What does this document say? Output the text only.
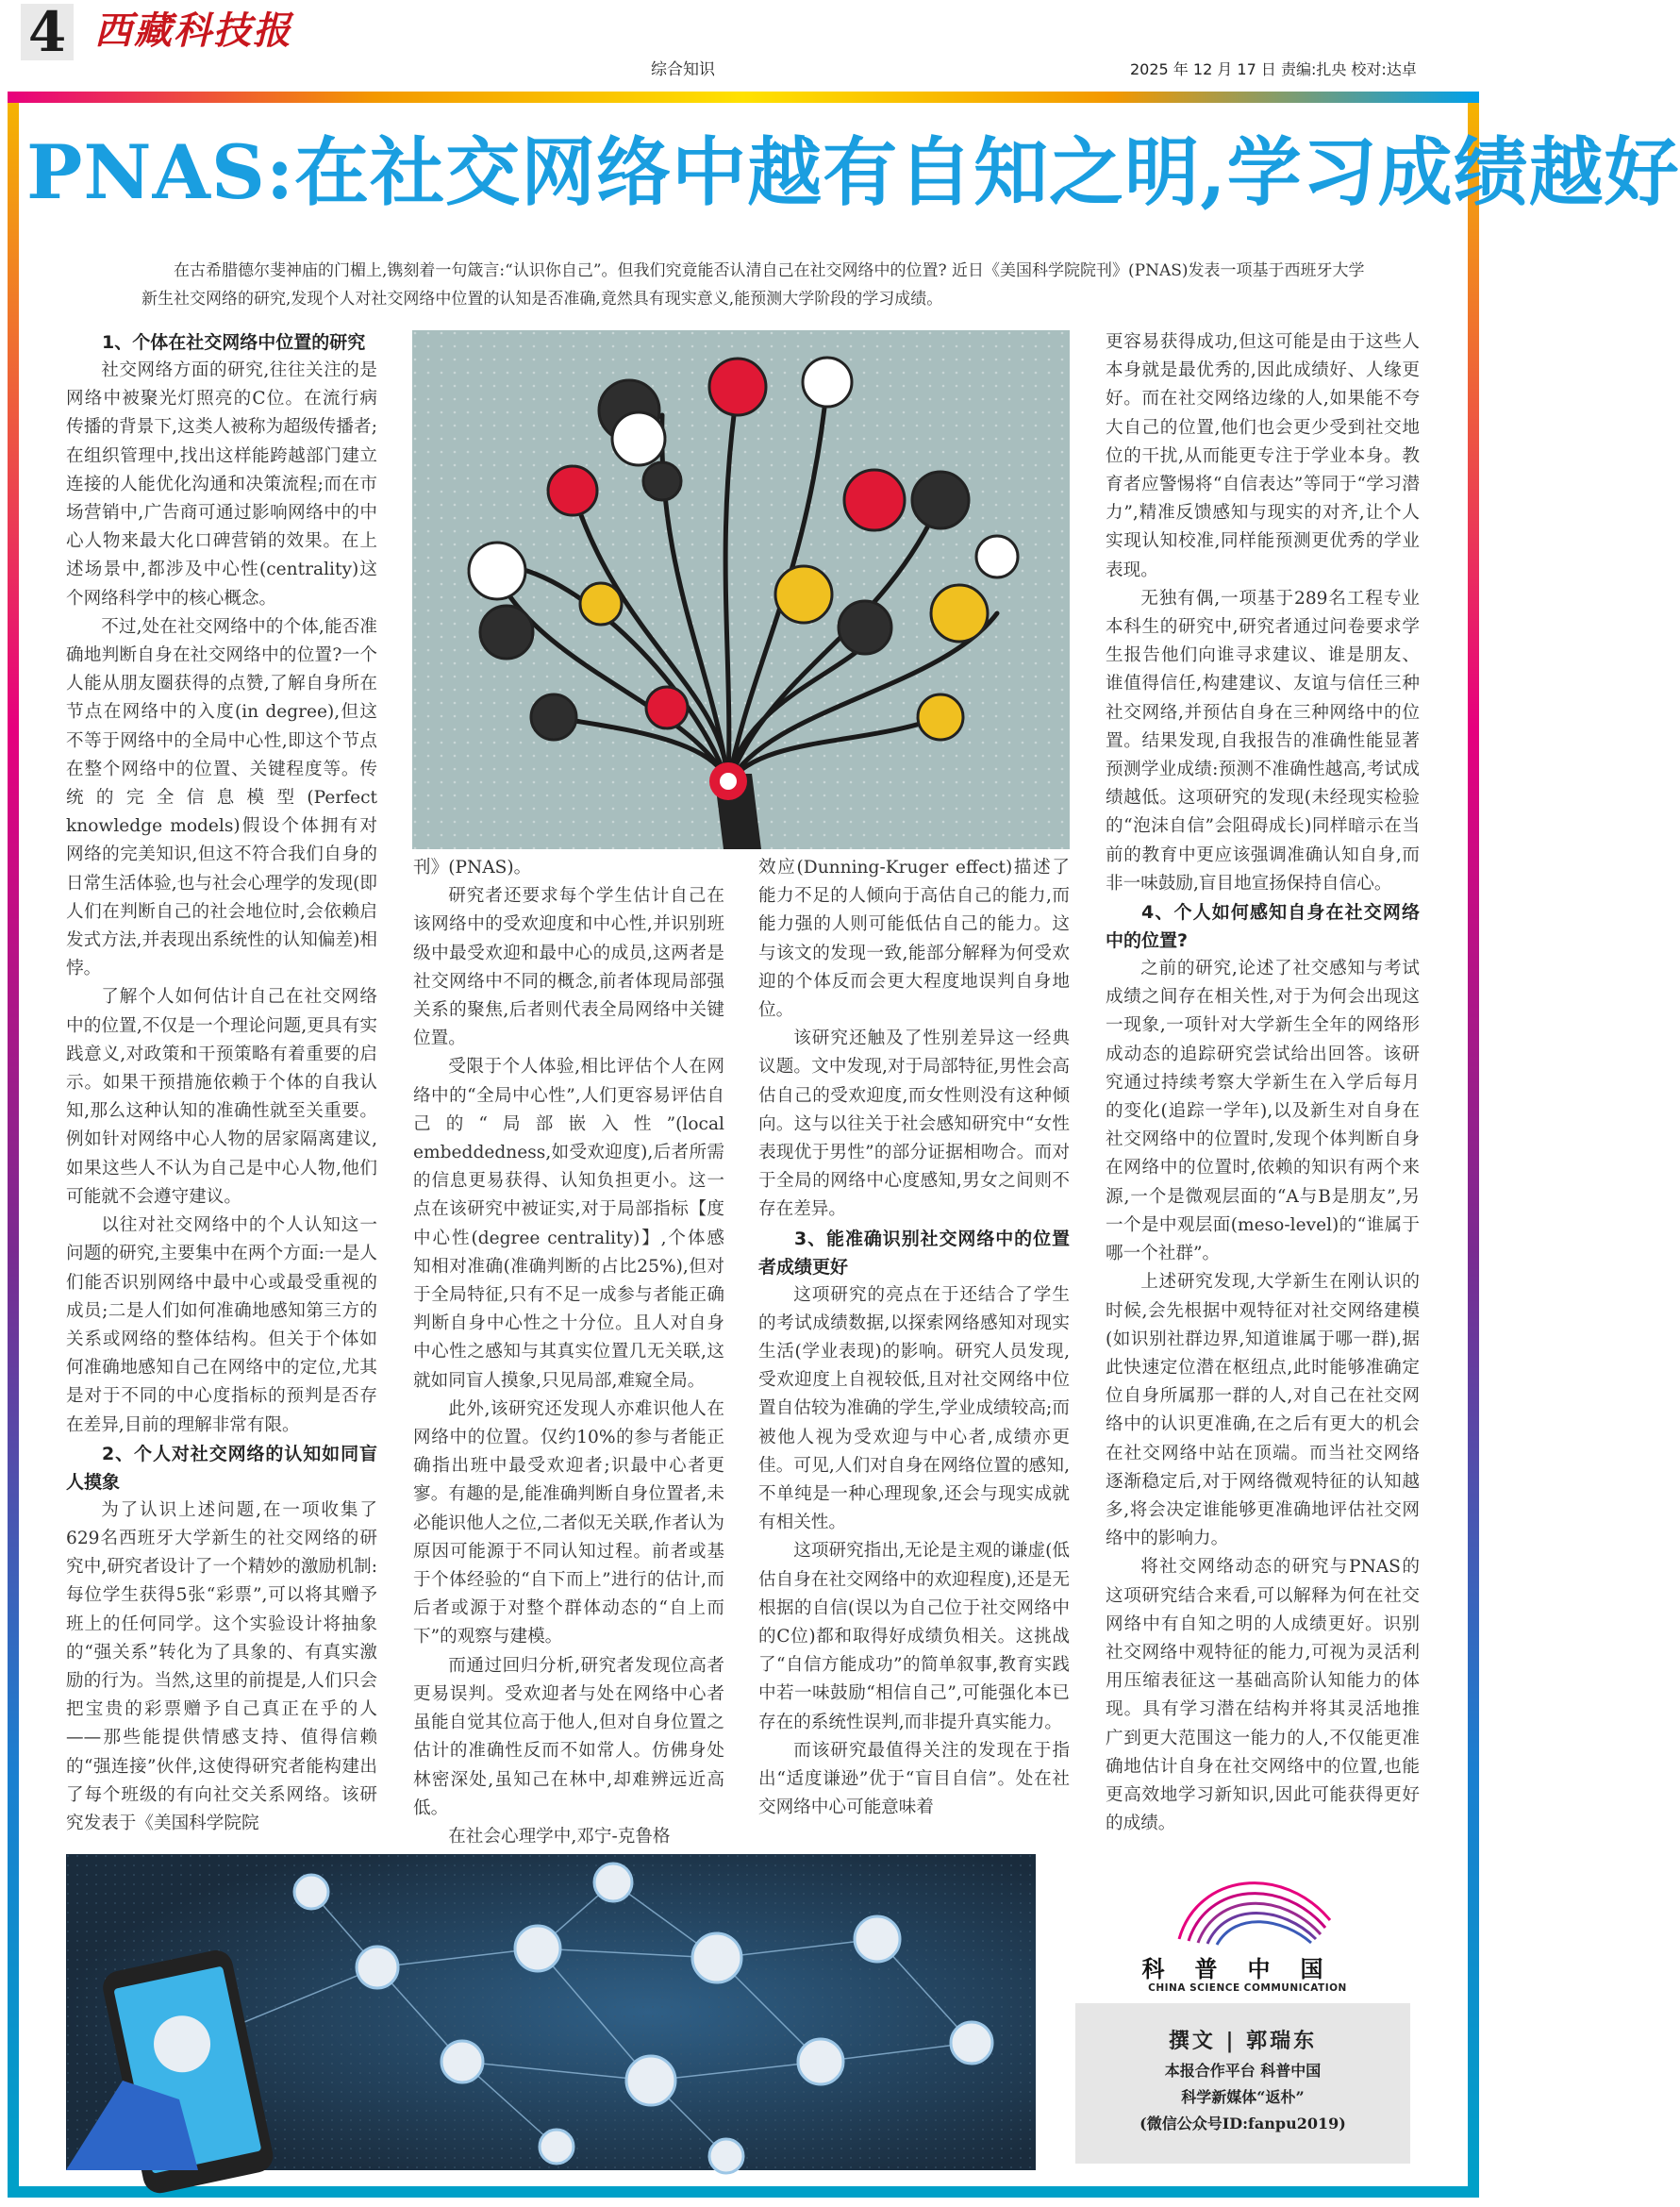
4 西藏科技报
综合知识	2025 年 12 月 17 日 责编:扎央 校对:达卓
PNAS:在社交网络中越有自知之明,学习成绩越好
在古希腊德尔斐神庙的门楣上,镌刻着一句箴言:“认识你自己”。但我们究竟能否认清自己在社交网络中的位置? 近日《美国科学院院刊》(PNAS)发表一项基于西班牙大学新生社交网络的研究,发现个人对社交网络中位置的认知是否准确,竟然具有现实意义,能预测大学阶段的学习成绩。
1、个体在社交网络中位置的研究

社交网络方面的研究,往往关注的是网络中被聚光灯照亮的C位。在流行病传播的背景下,这类人被称为超级传播者;在组织管理中,找出这样能跨越部门建立连接的人能优化沟通和决策流程;而在市场营销中,广告商可通过影响网络中的中心人物来最大化口碑营销的效果。在上述场景中,都涉及中心性(centrality)这个网络科学中的核心概念。

不过,处在社交网络中的个体,能否准确地判断自身在社交网络中的位置?一个人能从朋友圈获得的点赞,了解自身所在节点在网络中的入度(in degree),但这不等于网络中的全局中心性,即这个节点在整个网络中的位置、关键程度等。传统的完全信息模型(Perfect knowledge models)假设个体拥有对网络的完美知识,但这不符合我们自身的日常生活体验,也与社会心理学的发现(即人们在判断自己的社会地位时,会依赖启发式方法,并表现出系统性的认知偏差)相悖。

了解个人如何估计自己在社交网络中的位置,不仅是一个理论问题,更具有实践意义,对政策和干预策略有着重要的启示。如果干预措施依赖于个体的自我认知,那么这种认知的准确性就至关重要。例如针对网络中心人物的居家隔离建议,如果这些人不认为自己是中心人物,他们可能就不会遵守建议。

以往对社交网络中的个人认知这一问题的研究,主要集中在两个方面:一是人们能否识别网络中最中心或最受重视的成员;二是人们如何准确地感知第三方的关系或网络的整体结构。但关于个体如何准确地感知自己在网络中的定位,尤其是对于不同的中心度指标的预判是否存在差异,目前的理解非常有限。

2、个人对社交网络的认知如同盲人摸象

为了认识上述问题,在一项收集了629名西班牙大学新生的社交网络的研究中,研究者设计了一个精妙的激励机制:每位学生获得5张“彩票”,可以将其赠予班上的任何同学。这个实验设计将抽象的“强关系”转化为了具象的、有真实激励的行为。当然,这里的前提是,人们只会把宝贵的彩票赠予自己真正在乎的人——那些能提供情感支持、值得信赖的“强连接”伙伴,这使得研究者能构建出了每个班级的有向社交关系网络。该研究发表于《美国科学院院

刊》(PNAS)。

研究者还要求每个学生估计自己在该网络中的受欢迎度和中心性,并识别班级中最受欢迎和最中心的成员,这两者是社交网络中不同的概念,前者体现局部强关系的聚焦,后者则代表全局网络中关键位置。

受限于个人体验,相比评估个人在网络中的“全局中心性”,人们更容易评估自己的“局部嵌入性”(local embeddedness,如受欢迎度),后者所需的信息更易获得、认知负担更小。这一点在该研究中被证实,对于局部指标【度中心性(degree centrality)】,个体感知相对准确(准确判断的占比25%),但对于全局特征,只有不足一成参与者能正确判断自身中心性之十分位。且人对自身中心性之感知与其真实位置几无关联,这就如同盲人摸象,只见局部,难窥全局。

此外,该研究还发现人亦难识他人在网络中的位置。仅约10%的参与者能正确指出班中最受欢迎者;识最中心者更寥。有趣的是,能准确判断自身位置者,未必能识他人之位,二者似无关联,作者认为原因可能源于不同认知过程。前者或基于个体经验的“自下而上”进行的估计,而后者或源于对整个群体动态的“自上而下”的观察与建模。

而通过回归分析,研究者发现位高者更易误判。受欢迎者与处在网络中心者虽能自觉其位高于他人,但对自身位置之估计的准确性反而不如常人。仿佛身处林密深处,虽知己在林中,却难辨远近高低。

在社会心理学中,邓宁-克鲁格

效应(Dunning-Kruger effect)描述了能力不足的人倾向于高估自己的能力,而能力强的人则可能低估自己的能力。这与该文的发现一致,能部分解释为何受欢迎的个体反而会更大程度地误判自身地位。

该研究还触及了性别差异这一经典议题。文中发现,对于局部特征,男性会高估自己的受欢迎度,而女性则没有这种倾向。这与以往关于社会感知研究中“女性表现优于男性”的部分证据相吻合。而对于全局的网络中心度感知,男女之间则不存在差异。

3、能准确识别社交网络中的位置者成绩更好

这项研究的亮点在于还结合了学生的考试成绩数据,以探索网络感知对现实生活(学业表现)的影响。研究人员发现,受欢迎度上自视较低,且对社交网络中位置自估较为准确的学生,学业成绩较高;而被他人视为受欢迎与中心者,成绩亦更佳。可见,人们对自身在网络位置的感知,不单纯是一种心理现象,还会与现实成就有相关性。

这项研究指出,无论是主观的谦虚(低估自身在社交网络中的欢迎程度),还是无根据的自信(误以为自己位于社交网络中的C位)都和取得好成绩负相关。这挑战了“自信方能成功”的简单叙事,教育实践中若一味鼓励“相信自己”,可能强化本已存在的系统性误判,而非提升真实能力。

而该研究最值得关注的发现在于指出“适度谦逊”优于“盲目自信”。处在社交网络中心可能意味着

更容易获得成功,但这可能是由于这些人本身就是最优秀的,因此成绩好、人缘更好。而在社交网络边缘的人,如果能不夸大自己的位置,他们也会更少受到社交地位的干扰,从而能更专注于学业本身。教育者应警惕将“自信表达”等同于“学习潜力”,精准反馈感知与现实的对齐,让个人实现认知校准,同样能预测更优秀的学业表现。

无独有偶,一项基于289名工程专业本科生的研究中,研究者通过问卷要求学生报告他们向谁寻求建议、谁是朋友、谁值得信任,构建建议、友谊与信任三种社交网络,并预估自身在三种网络中的位置。结果发现,自我报告的准确性能显著预测学业成绩:预测不准确性越高,考试成绩越低。这项研究的发现(未经现实检验的“泡沫自信”会阻碍成长)同样暗示在当前的教育中更应该强调准确认知自身,而非一味鼓励,盲目地宣扬保持自信心。

4、个人如何感知自身在社交网络中的位置?

之前的研究,论述了社交感知与考试成绩之间存在相关性,对于为何会出现这一现象,一项针对大学新生全年的网络形成动态的追踪研究尝试给出回答。该研究通过持续考察大学新生在入学后每月的变化(追踪一学年),以及新生对自身在社交网络中的位置时,发现个体判断自身在网络中的位置时,依赖的知识有两个来源,一个是微观层面的“A与B是朋友”,另一个是中观层面(meso-level)的“谁属于哪一个社群”。

上述研究发现,大学新生在刚认识的时候,会先根据中观特征对社交网络建模(如识别社群边界,知道谁属于哪一群),据此快速定位潜在枢纽点,此时能够准确定位自身所属那一群的人,对自己在社交网络中的认识更准确,在之后有更大的机会在社交网络中站在顶端。而当社交网络逐渐稳定后,对于网络微观特征的认知越多,将会决定谁能够更准确地评估社交网络中的影响力。

将社交网络动态的研究与PNAS的这项研究结合来看,可以解释为何在社交网络中有自知之明的人成绩更好。识别社交网络中观特征的能力,可视为灵活利用压缩表征这一基础高阶认知能力的体现。具有学习潜在结构并将其灵活地推广到更大范围这一能力的人,不仅能更准确地估计自身在社交网络中的位置,也能更高效地学习新知识,因此可能获得更好的成绩。

科普中国
CHINA SCIENCE COMMUNICATION
撰文 | 郭瑞东
本报合作平台 科普中国
科学新媒体“返朴”
(微信公众号ID:fanpu2019)
